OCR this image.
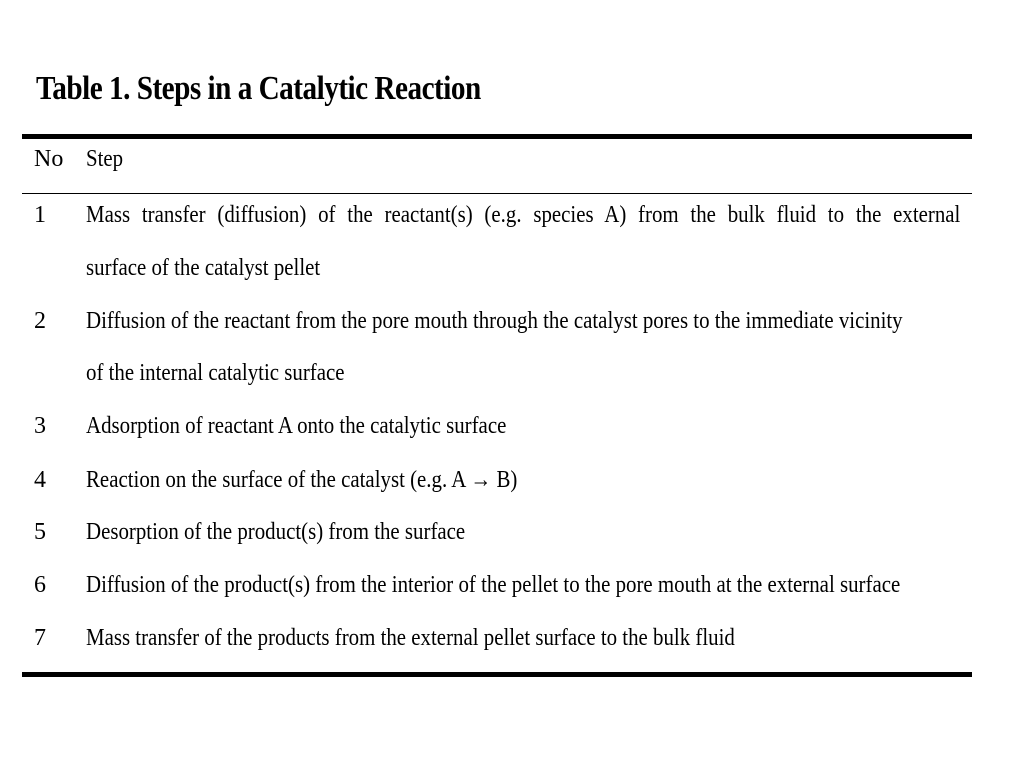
Table 1. Steps in a Catalytic Reaction
No Step
1 Mass transfer (diffusion) of the reactant(s) (e.g. species A) from the bulk fluid to the external
surface of the catalyst pellet
2 Diffusion of the reactant from the pore mouth through the catalyst pores to the immediate vicinity
of the internal catalytic surface
3 Adsorption of reactant A onto the catalytic surface
4 Reaction on the surface of the catalyst (e.g. A → B)
5 Desorption of the product(s) from the surface
6 Diffusion of the product(s) from the interior of the pellet to the pore mouth at the external surface
7 Mass transfer of the products from the external pellet surface to the bulk fluid
